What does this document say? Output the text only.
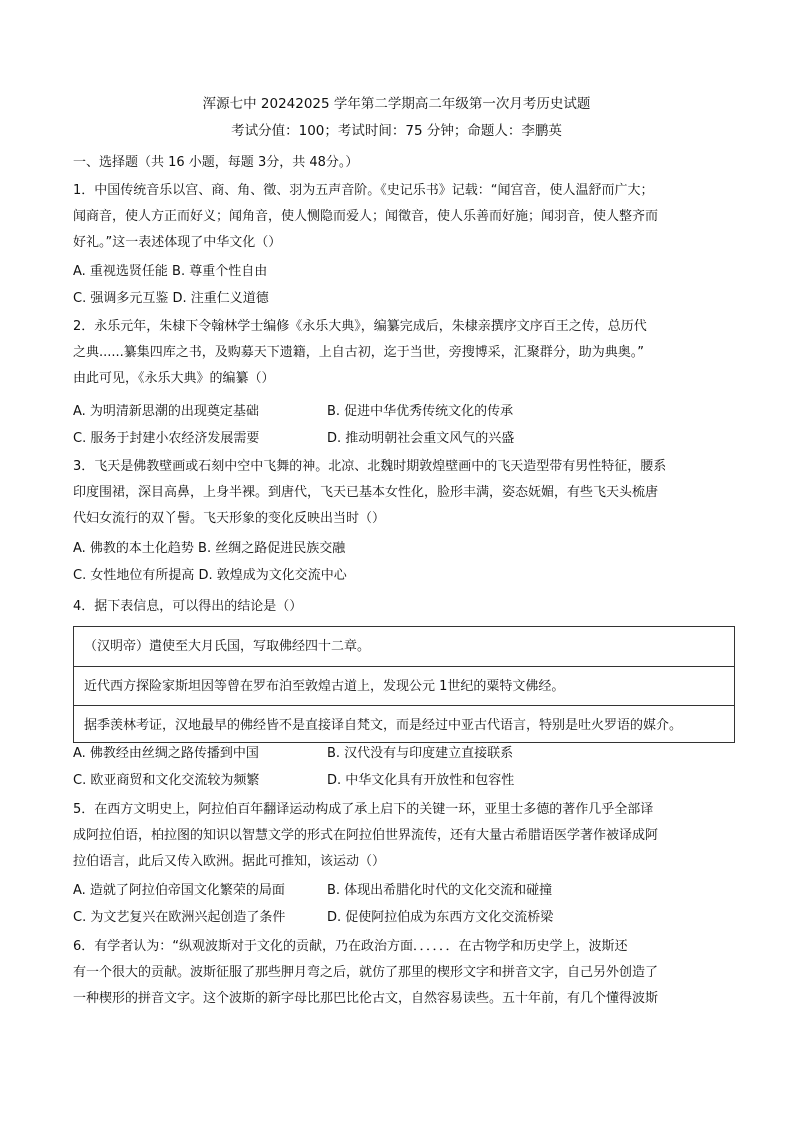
浑源七中 20242025 学年第二学期高二年级第一次月考历史试题
考试分值：100；考试时间：75 分钟；命题人：李鹏英
一、选择题（共 16 小题，每题 3分，共 48分。）
1．中国传统音乐以宫、商、角、徵、羽为五声音阶。《史记乐书》记载：“闻宫音，使人温舒而广大；
闻商音，使人方正而好义；闻角音，使人恻隐而爱人；闻徵音，使人乐善而好施；闻羽音，使人整齐而
好礼。”这一表述体现了中华文化（）
A. 重视选贤任能 B. 尊重个性自由
C. 强调多元互鉴 D. 注重仁义道德
2．永乐元年，朱棣下令翰林学士编修《永乐大典》，编纂完成后，朱棣亲撰序文序百王之传，总历代
之典......纂集四库之书，及购募天下遗籍，上自古初，迄于当世，旁搜博采，汇聚群分，助为典奥。”
由此可见，《永乐大典》的编纂（）
A. 为明清新思潮的出现奠定基础	B. 促进中华优秀传统文化的传承
C. 服务于封建小农经济发展需要	D. 推动明朝社会重文风气的兴盛
3．飞天是佛教壁画或石刻中空中飞舞的神。北凉、北魏时期敦煌壁画中的飞天造型带有男性特征，腰系
印度围裙，深目高鼻，上身半裸。到唐代，飞天已基本女性化，脸形丰满，姿态妩媚，有些飞天头梳唐
代妇女流行的双丫髻。飞天形象的变化反映出当时（）
A. 佛教的本土化趋势 B. 丝绸之路促进民族交融
C. 女性地位有所提高 D. 敦煌成为文化交流中心
4．据下表信息，可以得出的结论是（）
（汉明帝）遣使至大月氏国，写取佛经四十二章。
近代西方探险家斯坦因等曾在罗布泊至敦煌古道上，发现公元 1世纪的粟特文佛经。
据季羡林考证，汉地最早的佛经皆不是直接译自梵文，而是经过中亚古代语言，特别是吐火罗语的媒介。
A. 佛教经由丝绸之路传播到中国	B. 汉代没有与印度建立直接联系
C. 欧亚商贸和文化交流较为频繁	D. 中华文化具有开放性和包容性
5．在西方文明史上，阿拉伯百年翻译运动构成了承上启下的关键一环，亚里士多德的著作几乎全部译
成阿拉伯语，柏拉图的知识以智慧文学的形式在阿拉伯世界流传，还有大量古希腊语医学著作被译成阿
拉伯语言，此后又传入欧洲。据此可推知，该运动（）
A. 造就了阿拉伯帝国文化繁荣的局面	B. 体现出希腊化时代的文化交流和碰撞
C. 为文艺复兴在欧洲兴起创造了条件	D. 促使阿拉伯成为东西方文化交流桥梁
6．有学者认为：“纵观波斯对于文化的贡献，乃在政治方面．．．．．．在古物学和历史学上，波斯还
有一个很大的贡献。波斯征服了那些胛月弯之后，就仿了那里的楔形文字和拼音文字，自己另外创造了
一种楔形的拼音文字。这个波斯的新字母比那巴比伦古文，自然容易读些。五十年前，有几个懂得波斯
